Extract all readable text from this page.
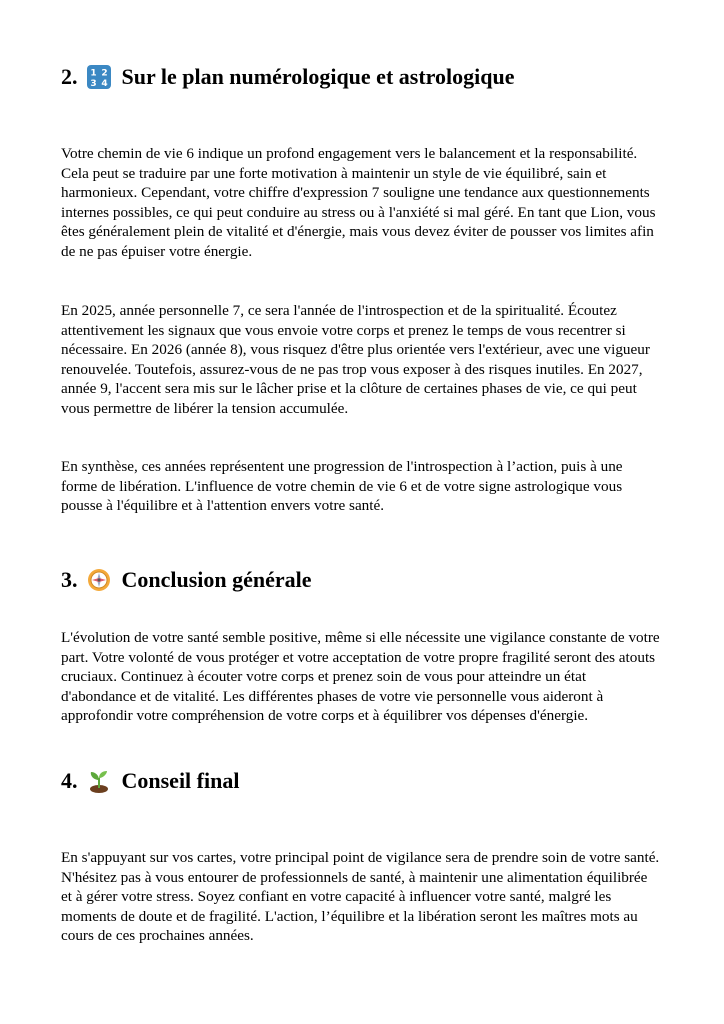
2. 1 2
3 4 Sur le plan numérologique et astrologique

Votre chemin de vie 6 indique un profond engagement vers le balancement et la responsabilité. Cela peut se traduire par une forte motivation à maintenir un style de vie équilibré, sain et harmonieux. Cependant, votre chiffre d'expression 7 souligne une tendance aux questionnements internes possibles, ce qui peut conduire au stress ou à l'anxiété si mal géré. En tant que Lion, vous êtes généralement plein de vitalité et d'énergie, mais vous devez éviter de pousser vos limites afin de ne pas épuiser votre énergie.

En 2025, année personnelle 7, ce sera l'année de l'introspection et de la spiritualité. Écoutez attentivement les signaux que vous envoie votre corps et prenez le temps de vous recentrer si nécessaire. En 2026 (année 8), vous risquez d'être plus orientée vers l'extérieur, avec une vigueur renouvelée. Toutefois, assurez-vous de ne pas trop vous exposer à des risques inutiles. En 2027, année 9, l'accent sera mis sur le lâcher prise et la clôture de certaines phases de vie, ce qui peut vous permettre de libérer la tension accumulée.

En synthèse, ces années représentent une progression de l'introspection à l’action, puis à une forme de libération. L'influence de votre chemin de vie 6 et de votre signe astrologique vous pousse à l'équilibre et à l'attention envers votre santé.

3. Conclusion générale

L'évolution de votre santé semble positive, même si elle nécessite une vigilance constante de votre part. Votre volonté de vous protéger et votre acceptation de votre propre fragilité seront des atouts cruciaux. Continuez à écouter votre corps et prenez soin de vous pour atteindre un état d'abondance et de vitalité. Les différentes phases de votre vie personnelle vous aideront à approfondir votre compréhension de votre corps et à équilibrer vos dépenses d'énergie.

4. Conseil final

En s'appuyant sur vos cartes, votre principal point de vigilance sera de prendre soin de votre santé. N'hésitez pas à vous entourer de professionnels de santé, à maintenir une alimentation équilibrée et à gérer votre stress. Soyez confiant en votre capacité à influencer votre santé, malgré les moments de doute et de fragilité. L'action, l’équilibre et la libération seront les maîtres mots au cours de ces prochaines années.
